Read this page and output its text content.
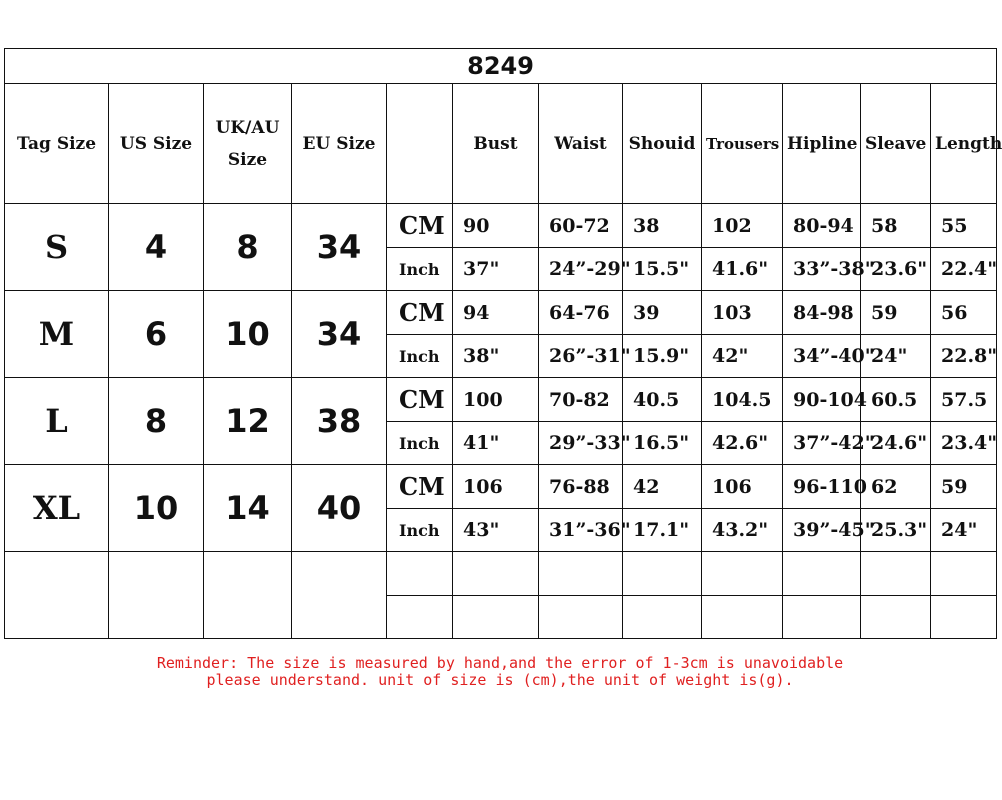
8249											
Tag Size	US Size	UK/AU Size	EU Size		Bust	Waist	Shouid	Trousers	Hipline	Sleave	Length
S	4	8	34	CM	90	60-72	38	102	80-94	58	55
				Inch	37"	24”-29"	15.5"	41.6"	33”-38"	23.6"	22.4"
M	6	10	34	CM	94	64-76	39	103	84-98	59	56
				Inch	38"	26”-31"	15.9"	42"	34”-40"	24"	22.8"
L	8	12	38	CM	100	70-82	40.5	104.5	90-104	60.5	57.5
				Inch	41"	29”-33"	16.5"	42.6"	37”-42"	24.6"	23.4"
XL	10	14	40	CM	106	76-88	42	106	96-110	62	59
				Inch	43"	31”-36"	17.1"	43.2"	39”-45"	25.3"	24"

Reminder: The size is measured by hand,and the error of 1-3cm is unavoidable
please understand. unit of size is (cm),the unit of weight is(g).
